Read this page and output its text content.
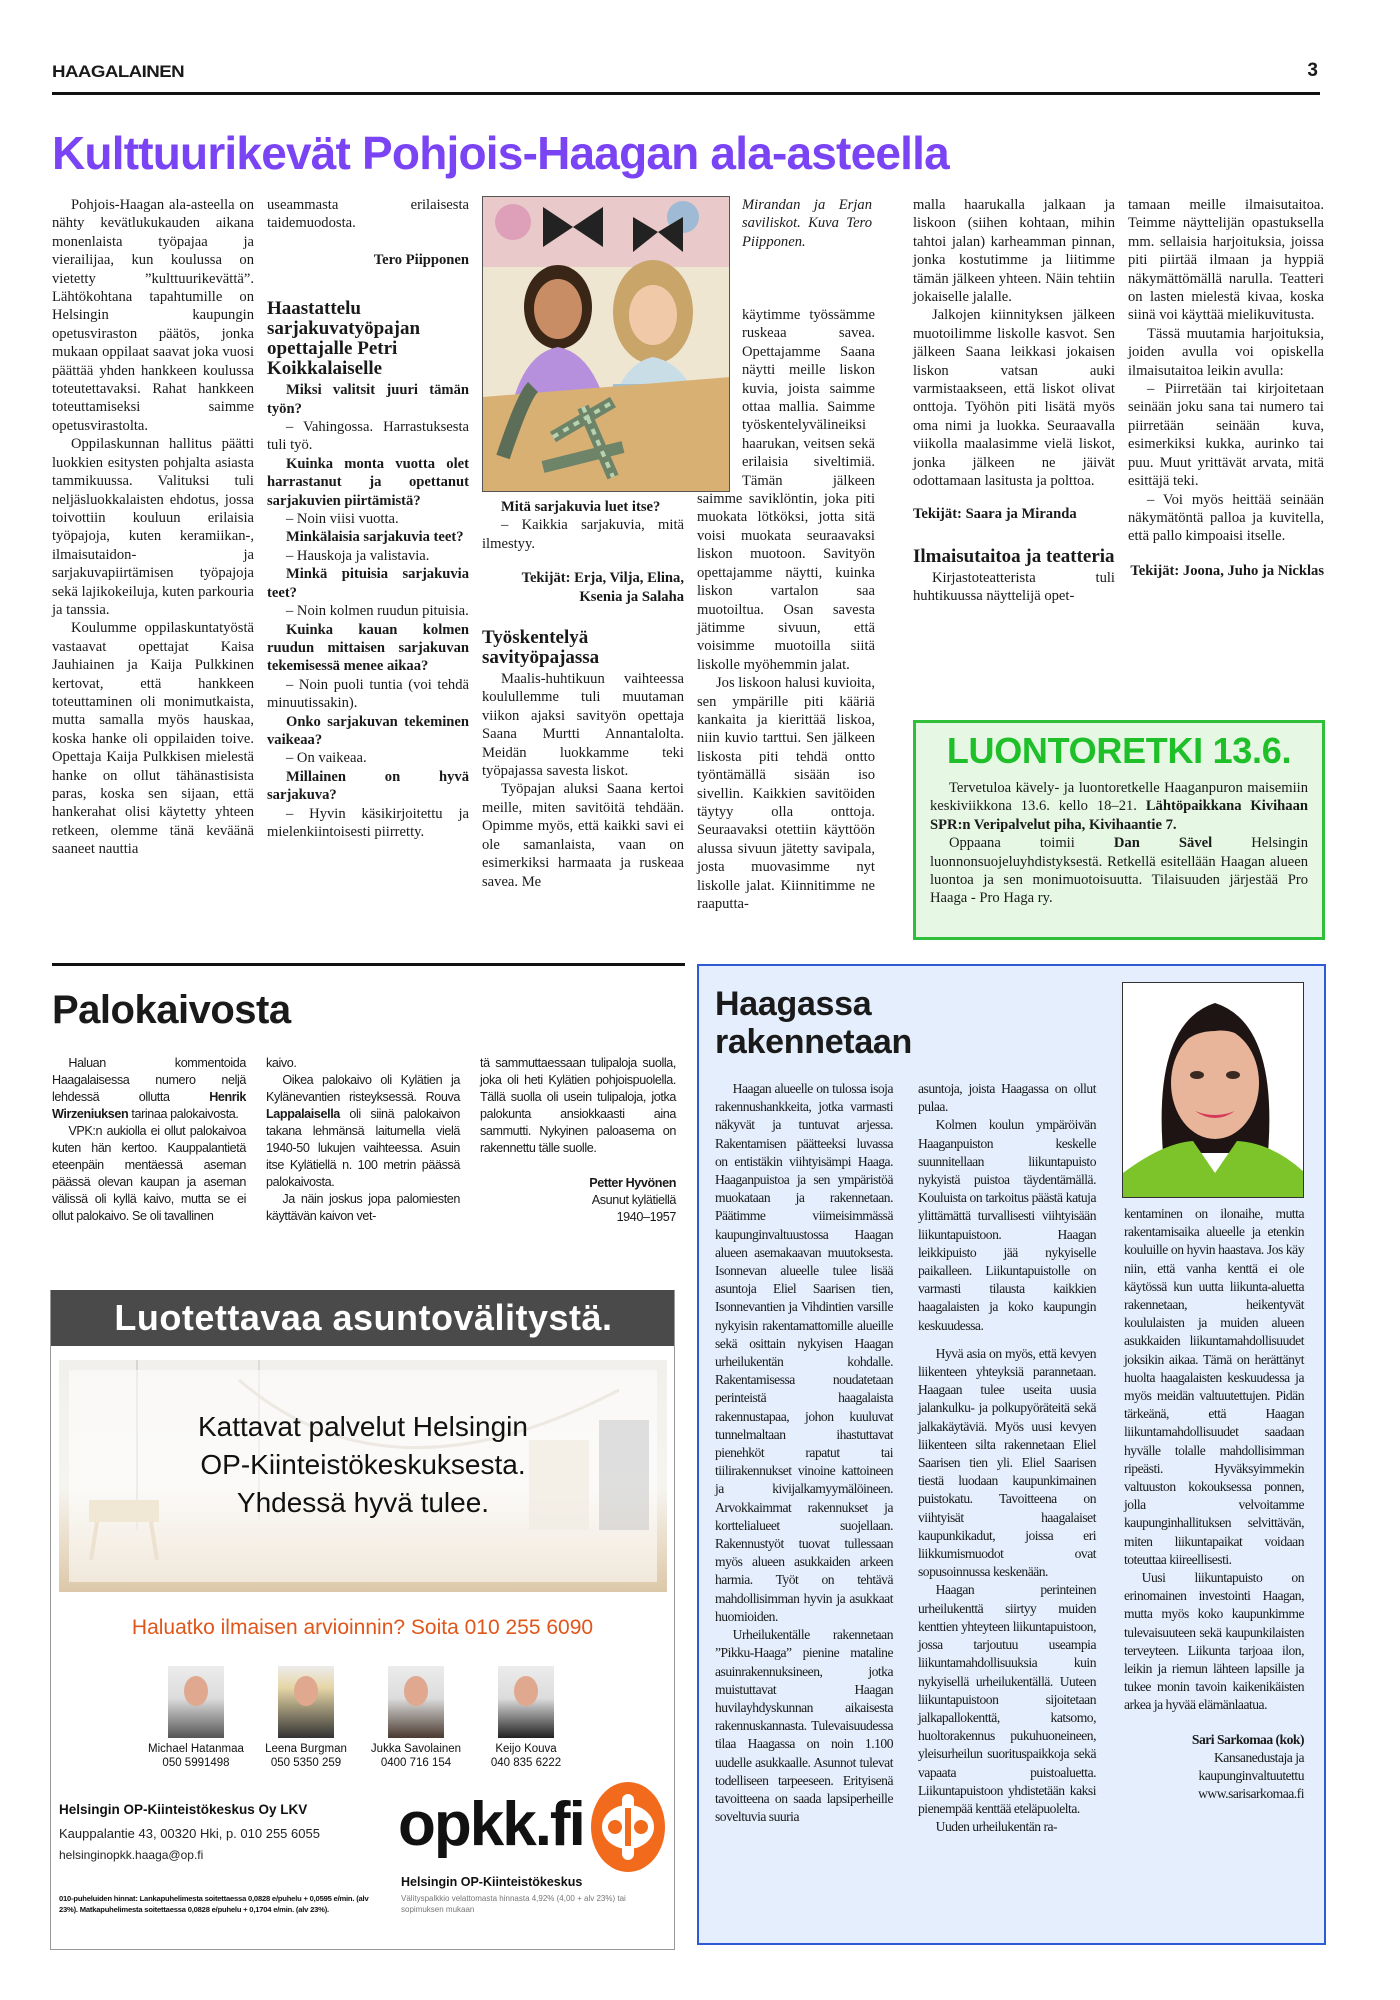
HAAGALAINEN	3
Kulttuurikevät Pohjois-Haagan ala-asteella

Pohjois-Haagan ala-asteella on nähty kevätlukukauden aikana monenlaista työpajaa ja vierailijaa, kun koulussa on vietetty ”kulttuurikevättä”. Lähtökohtana tapahtumille on Helsingin kaupungin opetusviraston päätös, jonka mukaan oppilaat saavat joka vuosi päättää yhden hankkeen koulussa toteutettavaksi. Rahat hankkeen toteuttamiseksi saimme opetusvirastolta.

Oppilaskunnan hallitus päätti luokkien esitysten pohjalta asiasta tammikuussa. Valituksi tuli neljäsluokkalaisten ehdotus, jossa toivottiin kouluun erilaisia työpajoja, kuten keramiikan-, ilmaisutaidon- ja sarjakuvapiirtämisen työpajoja sekä lajikokeiluja, kuten parkouria ja tanssia.

Koulumme oppilaskuntatyöstä vastaavat opettajat Kaisa Jauhiainen ja Kaija Pulkkinen kertovat, että hankkeen toteuttaminen oli monimutkaista, mutta samalla myös hauskaa, koska hanke oli oppilaiden toive. Opettaja Kaija Pulkkisen mielestä hanke on ollut tähänastisista paras, koska sen sijaan, että hankerahat olisi käytetty yhteen retkeen, olemme tänä keväänä saaneet nauttia

useammasta erilaisesta taidemuodosta.

Tero Piipponen

Haastattelu sarjakuvatyöpajan opettajalle Petri Koikkalaiselle

Miksi valitsit juuri tämän työn?

– Vahingossa. Harrastuksesta tuli työ.

Kuinka monta vuotta olet harrastanut ja opettanut sarjakuvien piirtämistä?

– Noin viisi vuotta.

Minkälaisia sarjakuvia teet?

– Hauskoja ja valistavia.

Minkä pituisia sarjakuvia teet?

– Noin kolmen ruudun pituisia.

Kuinka kauan kolmen ruudun mittaisen sarjakuvan tekemisessä menee aikaa?

– Noin puoli tuntia (voi tehdä minuutissakin).

Onko sarjakuvan tekeminen vaikeaa?

– On vaikeaa.

Millainen on hyvä sarjakuva?

– Hyvin käsikirjoitettu ja mielenkiintoisesti piirretty.

Mirandan ja Erjan saviliskot. Kuva Tero Piipponen.

Mitä sarjakuvia luet itse?

– Kaikkia sarjakuvia, mitä ilmestyy.

Tekijät: Erja, Vilja, Elina, Ksenia ja Salaha

Työskentelyä savityöpajassa

Maalis-huhtikuun vaihteessa koulullemme tuli muutaman viikon ajaksi savityön opettaja Saana Murtti Annantalolta. Meidän luokkamme teki työpajassa savesta liskot.

Työpajan aluksi Saana kertoi meille, miten savitöitä tehdään. Opimme myös, että kaikki savi ei ole samanlaista, vaan on esimerkiksi harmaata ja ruskeaa savea. Me

käytimme työssämme ruskeaa savea. Opettajamme Saana näytti meille liskon kuvia, joista saimme ottaa mallia. Saimme työskentelyvälineiksi haarukan, veitsen sekä erilaisia siveltimiä. Tämän jälkeen saimme saviklöntin, joka piti muokata lötköksi, jotta sitä voisi muokata seuraavaksi liskon muotoon. Savityön opettajamme näytti, kuinka liskon vartalon saa muotoiltua. Osan savesta jätimme sivuun, että voisimme muotoilla siitä liskolle myöhemmin jalat.

Jos liskoon halusi kuvioita, sen ympärille piti kääriä kankaita ja kierittää liskoa, niin kuvio tarttui. Sen jälkeen liskosta piti tehdä ontto työntämällä sisään iso sivellin. Kaikkien savitöiden täytyy olla onttoja. Seuraavaksi otettiin käyttöön alussa sivuun jätetty savipala, josta muovasimme nyt liskolle jalat. Kiinnitimme ne raaputta-

malla haarukalla jalkaan ja liskoon (siihen kohtaan, mihin tahtoi jalan) karheamman pinnan, jonka kostutimme ja liitimme tämän jälkeen yhteen. Näin tehtiin jokaiselle jalalle.

Jalkojen kiinnityksen jälkeen muotoilimme liskolle kasvot. Sen jälkeen Saana leikkasi jokaisen liskon vatsan auki varmistaakseen, että liskot olivat onttoja. Työhön piti lisätä myös oma nimi ja luokka. Seuraavalla viikolla maalasimme vielä liskot, jonka jälkeen ne jäivät odottamaan lasitusta ja polttoa.

Tekijät: Saara ja Miranda

Ilmaisutaitoa ja teatteria

Kirjastoteatterista tuli huhtikuussa näyttelijä opet-

tamaan meille ilmaisutaitoa. Teimme näyttelijän opastuksella mm. sellaisia harjoituksia, joissa piti piirtää ilmaan ja hyppiä näkymättömällä narulla. Teatteri on lasten mielestä kivaa, koska siinä voi käyttää mielikuvitusta.

Tässä muutamia harjoituksia, joiden avulla voi opiskella ilmaisutaitoa leikin avulla:

– Piirretään tai kirjoitetaan seinään joku sana tai numero tai piirretään seinään kuva, esimerkiksi kukka, aurinko tai puu. Muut yrittävät arvata, mitä esittäjä teki.

– Voi myös heittää seinään näkymätöntä palloa ja kuvitella, että pallo kimpoaisi itselle.

Tekijät: Joona, Juho ja Nicklas

LUONTORETKI 13.6.

Tervetuloa kävely- ja luontoretkelle Haaganpuron maisemiin keskiviikkona 13.6. kello 18–21. Lähtöpaikkana Kivihaan SPR:n Veripalvelut piha, Kivihaantie 7.

Oppaana toimii Dan Sävel Helsingin luonnonsuojeluyhdistyksestä. Retkellä esitellään Haagan alueen luontoa ja sen monimuotoisuutta. Tilaisuuden järjestää Pro Haaga - Pro Haga ry.

Palokaivosta

Haluan kommentoida Haagalaisessa numero neljä lehdessä ollutta Henrik Wirzeniuksen tarinaa palokaivosta.

VPK:n aukiolla ei ollut palokaivoa kuten hän kertoo. Kauppalantietä eteenpäin mentäessä aseman päässä olevan kaupan ja aseman välissä oli kyllä kaivo, mutta se ei ollut palokaivo. Se oli tavallinen

kaivo.

Oikea palokaivo oli Kylätien ja Kylänevantien risteyksessä. Rouva Lappalaisella oli siinä palokaivon takana lehmänsä laitumella vielä 1940-50 lukujen vaihteessa. Asuin itse Kylätiellä n. 100 metrin päässä palokaivosta.

Ja näin joskus jopa palomiesten käyttävän kaivon vet-

tä sammuttaessaan tulipaloja suolla, joka oli heti Kylätien pohjoispuolella. Tällä suolla oli usein tulipaloja, jotka palokunta ansiokkaasti aina sammutti. Nykyinen paloasema on rakennettu tälle suolle.

Petter Hyvönen

Asunut kylätiellä

1940–1957

Luotettavaa asuntovälitystä.
Kattavat palvelut Helsingin
OP-Kiinteistökeskuksesta.
Yhdessä hyvä tulee.
Haluatko ilmaisen arvioinnin? Soita 010 255 6090
Michael Hatanmaa
050 5991498
Leena Burgman
050 5350 259
Jukka Savolainen
0400 716 154
Keijo Kouva
040 835 6222
Helsingin OP-Kiinteistökeskus Oy LKV
Kauppalantie 43, 00320 Hki, p. 010 255 6055
helsinginopkk.haaga@op.fi
010-puheluiden hinnat: Lankapuhelimesta soitettaessa 0,0828 e/puhelu + 0,0595 e/min. (alv 23%). Matkapuhelimesta soitettaessa 0,0828 e/puhelu + 0,1704 e/min. (alv 23%).
opkk.fi
Helsingin OP-Kiinteistökeskus
Välityspalkkio velattomasta hinnasta 4,92% (4,00 + alv 23%) tai sopimuksen mukaan
Haagassa
rakennetaan

Haagan alueelle on tulossa isoja rakennushankkeita, jotka varmasti näkyvät ja tuntuvat arjessa. Rakentamisen päätteeksi luvassa on entistäkin viihtyisämpi Haaga. Haaganpuistoa ja sen ympäristöä muokataan ja rakennetaan. Päätimme viimeisimmässä kaupunginvaltuustossa Haagan alueen asemakaavan muutoksesta. Isonnevan alueelle tulee lisää asuntoja Eliel Saarisen tien, Isonnevantien ja Vihdintien varsille nykyisin rakentamattomille alueille sekä osittain nykyisen Haagan urheilukentän kohdalle. Rakentamisessa noudatetaan perinteistä haagalaista rakennustapaa, johon kuuluvat tunnelmaltaan ihastuttavat pienehköt rapatut tai tiilirakennukset vinoine kattoineen ja kivijalkamyymälöineen. Arvokkaimmat rakennukset ja korttelialueet suojellaan. Rakennustyöt tuovat tullessaan myös alueen asukkaiden arkeen harmia. Työt on tehtävä mahdollisimman hyvin ja asukkaat huomioiden.

Urheilukentälle rakennetaan ”Pikku-Haaga” pienine mataline asuinrakennuksineen, jotka muistuttavat Haagan huvilayhdyskunnan aikaisesta rakennuskannasta. Tulevaisuudessa tilaa Haagassa on noin 1.100 uudelle asukkaalle. Asunnot tulevat todelliseen tarpeeseen. Erityisenä tavoitteena on saada lapsiperheille soveltuvia suuria

asuntoja, joista Haagassa on ollut pulaa.

Kolmen koulun ympäröivän Haaganpuiston keskelle suunnitellaan liikuntapuisto nykyistä puistoa täydentämällä. Kouluista on tarkoitus päästä katuja ylittämättä turvallisesti viihtyisään liikuntapuistoon. Haagan leikkipuisto jää nykyiselle paikalleen. Liikuntapuistolle on varmasti tilausta kaikkien haagalaisten ja koko kaupungin keskuudessa.

Hyvä asia on myös, että kevyen liikenteen yhteyksiä parannetaan. Haagaan tulee useita uusia jalankulku- ja polkupyöräteitä sekä jalkakäytäviä. Myös uusi kevyen liikenteen silta rakennetaan Eliel Saarisen tien yli. Eliel Saarisen tiestä luodaan kaupunkimainen puistokatu. Tavoitteena on viihtyisät haagalaiset kaupunkikadut, joissa eri liikkumismuodot ovat sopusoinnussa keskenään.

Haagan perinteinen urheilukenttä siirtyy muiden kenttien yhteyteen liikuntapuistoon, jossa tarjoutuu useampia liikuntamahdollisuuksia kuin nykyisellä urheilukentällä. Uuteen liikuntapuistoon sijoitetaan jalkapallokenttä, katsomo, huoltorakennus pukuhuoneineen, yleisurheilun suorituspaikkoja sekä vapaata puistoaluetta. Liikuntapuistoon yhdistetään kaksi pienempää kenttää eteläpuolelta.

Uuden urheilukentän ra-

kentaminen on ilonaihe, mutta rakentamisaika alueelle ja etenkin kouluille on hyvin haastava. Jos käy niin, että vanha kenttä ei ole käytössä kun uutta liikunta-aluetta rakennetaan, heikentyvät koululaisten ja muiden alueen asukkaiden liikuntamahdollisuudet joksikin aikaa. Tämä on herättänyt huolta haagalaisten keskuudessa ja myös meidän valtuutettujen. Pidän tärkeänä, että Haagan liikuntamahdollisuudet saadaan hyvälle tolalle mahdollisimman ripeästi. Hyväksyimmekin valtuuston kokouksessa ponnen, jolla velvoitamme kaupunginhallituksen selvittävän, miten liikuntapaikat voidaan toteuttaa kiireellisesti.

Uusi liikuntapuisto on erinomainen investointi Haagan, mutta myös koko kaupunkimme tulevaisuuteen sekä kaupunkilaisten terveyteen. Liikunta tarjoaa ilon, leikin ja riemun lähteen lapsille ja tukee monin tavoin kaikenikäisten arkea ja hyvää elämänlaatua.

Sari Sarkomaa (kok)

Kansanedustaja ja

kaupunginvaltuutettu

www.sarisarkomaa.fi
